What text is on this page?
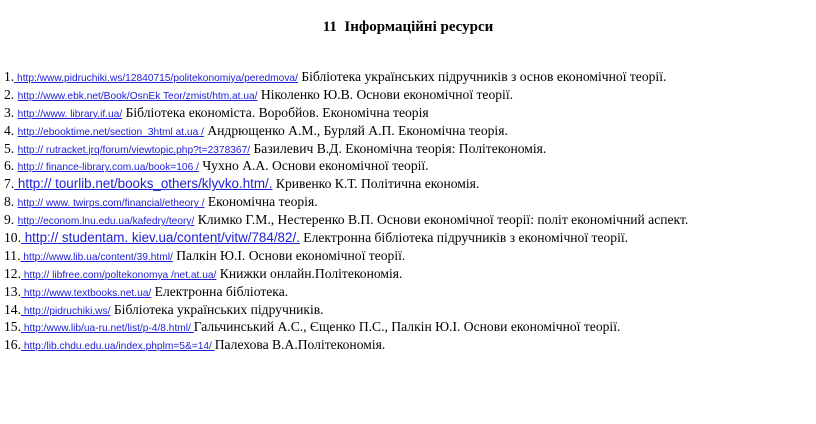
11  Інформаційні ресурси
1. http:/www.pidruchiki.ws/12840715/politekonomiya/peredmova/ Бібліотека українських підручників з основ економічної теорії.
2. http://www.ebk.net/Book/OsnEk Teor/zmist/htm.at.ua/ Ніколенко Ю.В. Основи економічної теорії.
3. http://www. library.if.ua/ Бібліотека економіста. Воробйов. Економічна теорія
4. http://ebooktime.net/section_3html at.ua / Андрющенко А.М., Бурляй А.П. Економічна теорія.
5. http:// rutracket.jrq/forum/viewtopic.php?t=2378367/ Базилевич В.Д. Економічна теорія: Політекономія.
6. http:// finance-library.com.ua/book=106 / Чухно А.А. Основи економічної теорії.
7. http:// tourlib.net/books_others/klyvko.htm/. Кривенко К.Т. Політична економія.
8. http:// www. twirps.com/financial/etheory / Економічна теорія.
9. http://econom.lnu.edu.ua/kafedry/teory/ Климко Г.М., Нестеренко В.П. Основи економічної теорії: політ економічний аспект.
10. http:// studentam. kiev.ua/content/vitw/784/82/. Електронна бібліотека підручників з економічної теорії.
11. http://www.lib.ua/content/39.html/ Палкін Ю.І. Основи економічної теорії.
12. http:// libfree.com/poltekonomya /net.at.ua/ Книжки онлайн.Політекономія.
13. http://www.textbooks.net.ua/ Електронна бібліотека.
14. http://pidruchiki.ws/ Бібліотека українських підручників.
15. http:/www.lib/ua-ru.net/list/p-4/8.html/ Гальчинський А.С., Єщенко П.С., Палкін Ю.І. Основи економічної теорії.
16. http:/lib.chdu.edu.ua/index.phplm=5&=14/ Палехова В.А.Політекономія.
